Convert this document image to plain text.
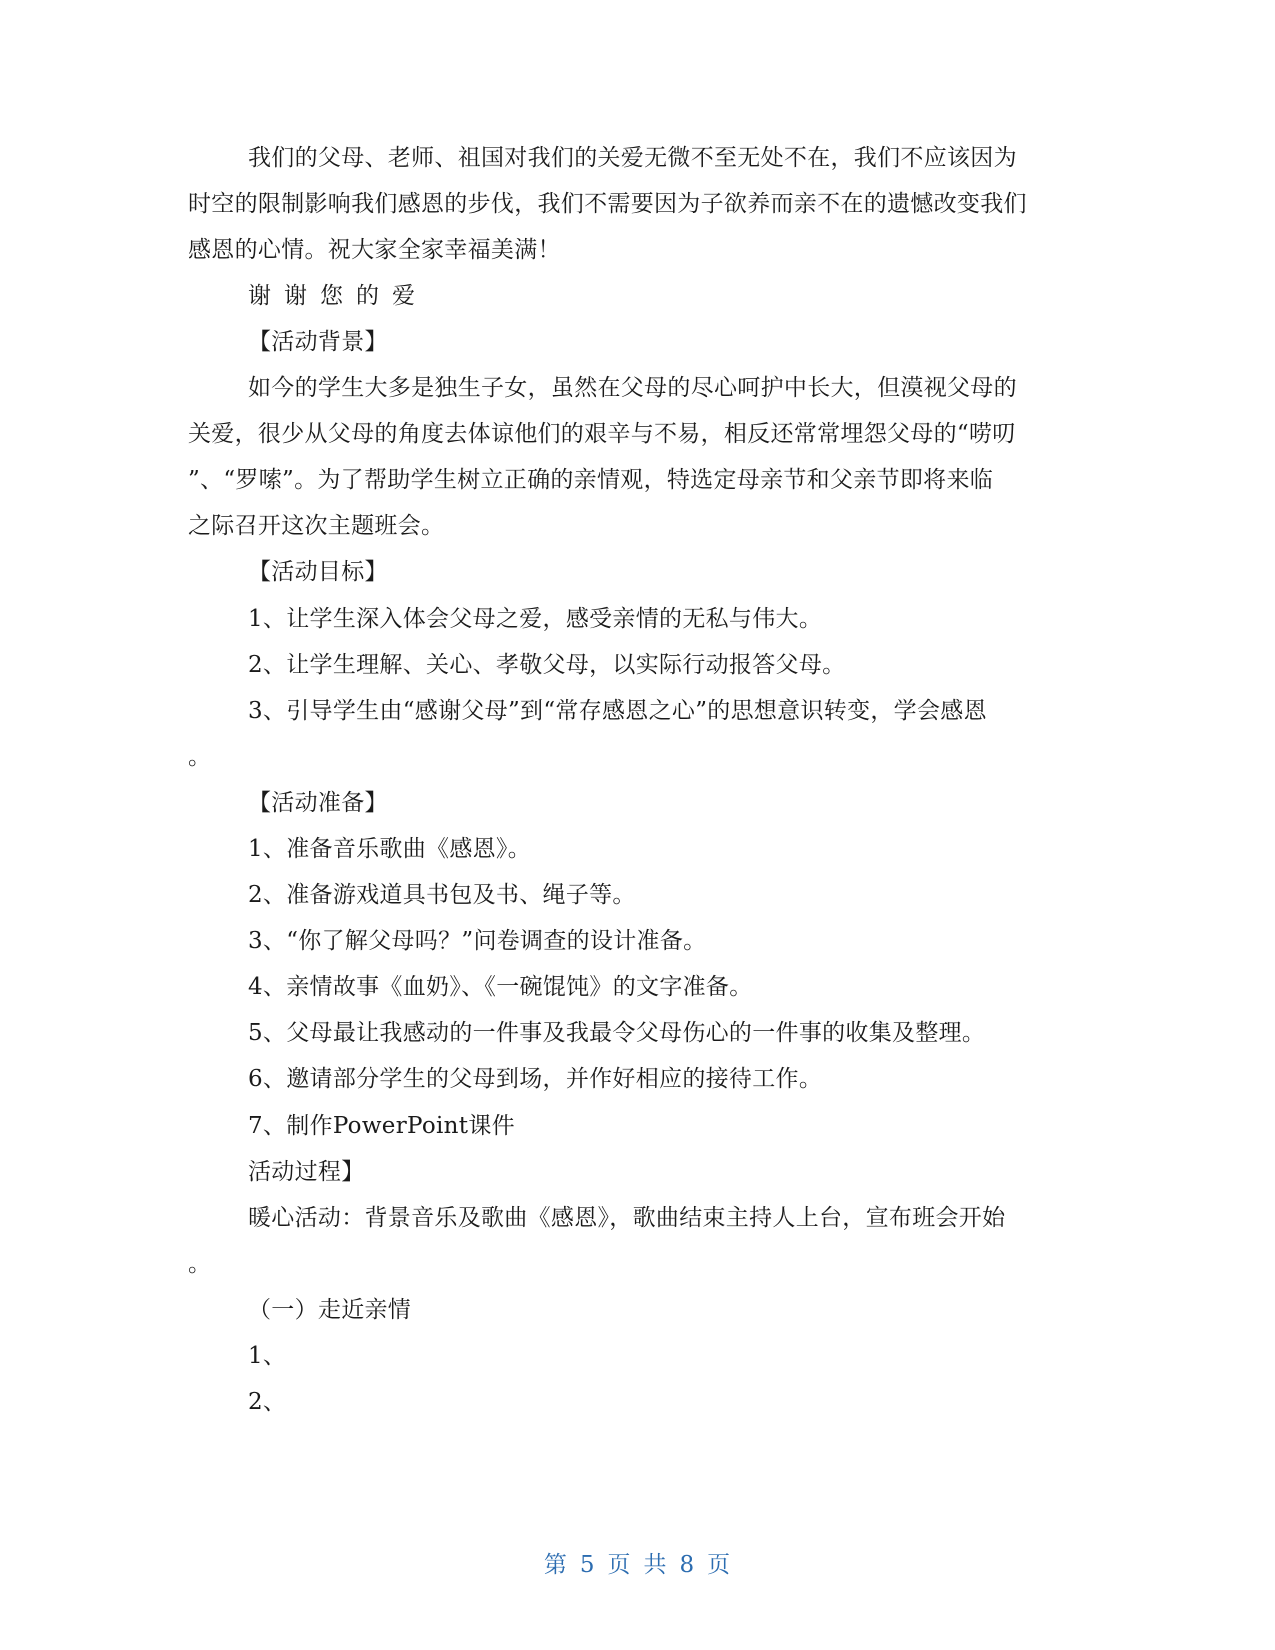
我们的父母、老师、祖国对我们的关爱无微不至无处不在，我们不应该因为
时空的限制影响我们感恩的步伐，我们不需要因为子欲养而亲不在的遗憾改变我们
感恩的心情。祝大家全家幸福美满！
谢谢您的爱
【活动背景】
如今的学生大多是独生子女，虽然在父母的尽心呵护中长大，但漠视父母的
关爱，很少从父母的角度去体谅他们的艰辛与不易，相反还常常埋怨父母的“唠叨
”、“罗嗦”。为了帮助学生树立正确的亲情观，特选定母亲节和父亲节即将来临
之际召开这次主题班会。
【活动目标】
1、让学生深入体会父母之爱，感受亲情的无私与伟大。
2、让学生理解、关心、孝敬父母，以实际行动报答父母。
3、引导学生由“感谢父母”到“常存感恩之心”的思想意识转变，学会感恩
。
【活动准备】
1、准备音乐歌曲《感恩》。
2、准备游戏道具书包及书、绳子等。
3、“你了解父母吗？”问卷调查的设计准备。
4、亲情故事《血奶》、《一碗馄饨》的文字准备。
5、父母最让我感动的一件事及我最令父母伤心的一件事的收集及整理。
6、邀请部分学生的父母到场，并作好相应的接待工作。
7、制作PowerPoint课件
活动过程】
暖心活动：背景音乐及歌曲《感恩》，歌曲结束主持人上台，宣布班会开始
。
（一）走近亲情
1、
2、
第 5 页 共 8 页
